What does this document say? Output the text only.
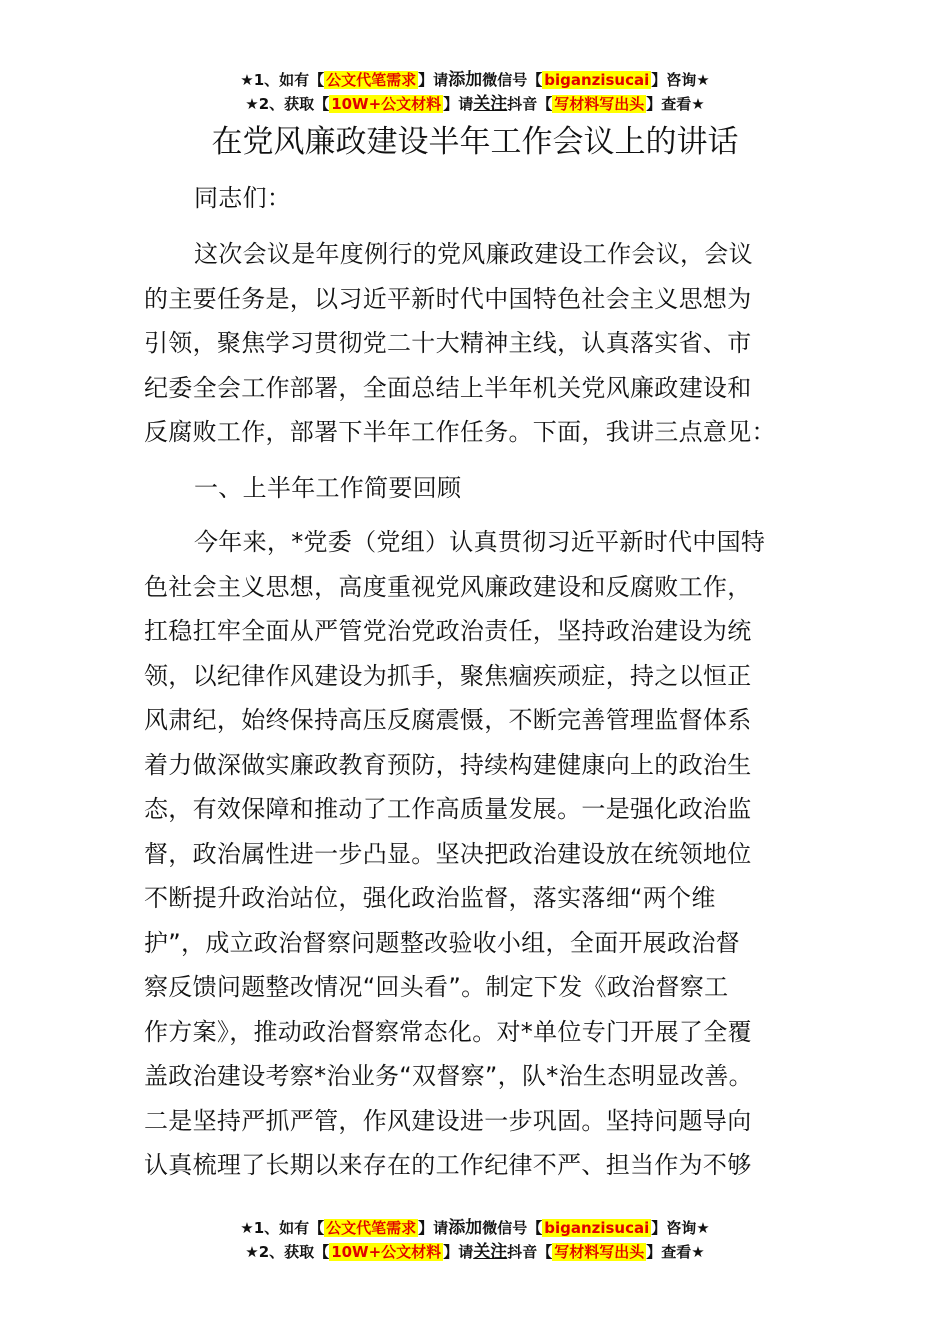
★1、如有【 公文代笔需求 】请添加微信号【 biganzisucai 】咨询★
★2、获取【 10W+公文材料 】请关注抖音【 写材料写出头 】查看★
在党风廉政建设半年工作会议上的讲话
同志们：
这次会议是年度例行的党风廉政建设工作会议，会议
的主要任务是，以习近平新时代中国特色社会主义思想为
引领，聚焦学习贯彻党二十大精神主线，认真落实省、市
纪委全会工作部署，全面总结上半年机关党风廉政建设和
反腐败工作，部署下半年工作任务。下面，我讲三点意见：
一、上半年工作简要回顾
今年来，*党委（党组）认真贯彻习近平新时代中国特
色社会主义思想，高度重视党风廉政建设和反腐败工作，
扛稳扛牢全面从严管党治党政治责任，坚持政治建设为统
领，以纪律作风建设为抓手，聚焦痼疾顽症，持之以恒正
风肃纪，始终保持高压反腐震慑，不断完善管理监督体系
着力做深做实廉政教育预防，持续构建健康向上的政治生
态，有效保障和推动了工作高质量发展。一是强化政治监
督，政治属性进一步凸显。坚决把政治建设放在统领地位
不断提升政治站位，强化政治监督，落实落细“两个维
护”，成立政治督察问题整改验收小组，全面开展政治督
察反馈问题整改情况“回头看”。制定下发《政治督察工
作方案》，推动政治督察常态化。对*单位专门开展了全覆
盖政治建设考察*治业务“双督察”，队*治生态明显改善。
二是坚持严抓严管，作风建设进一步巩固。坚持问题导向
认真梳理了长期以来存在的工作纪律不严、担当作为不够
★1、如有【 公文代笔需求 】请添加微信号【 biganzisucai 】咨询★
★2、获取【 10W+公文材料 】请关注抖音【 写材料写出头 】查看★
